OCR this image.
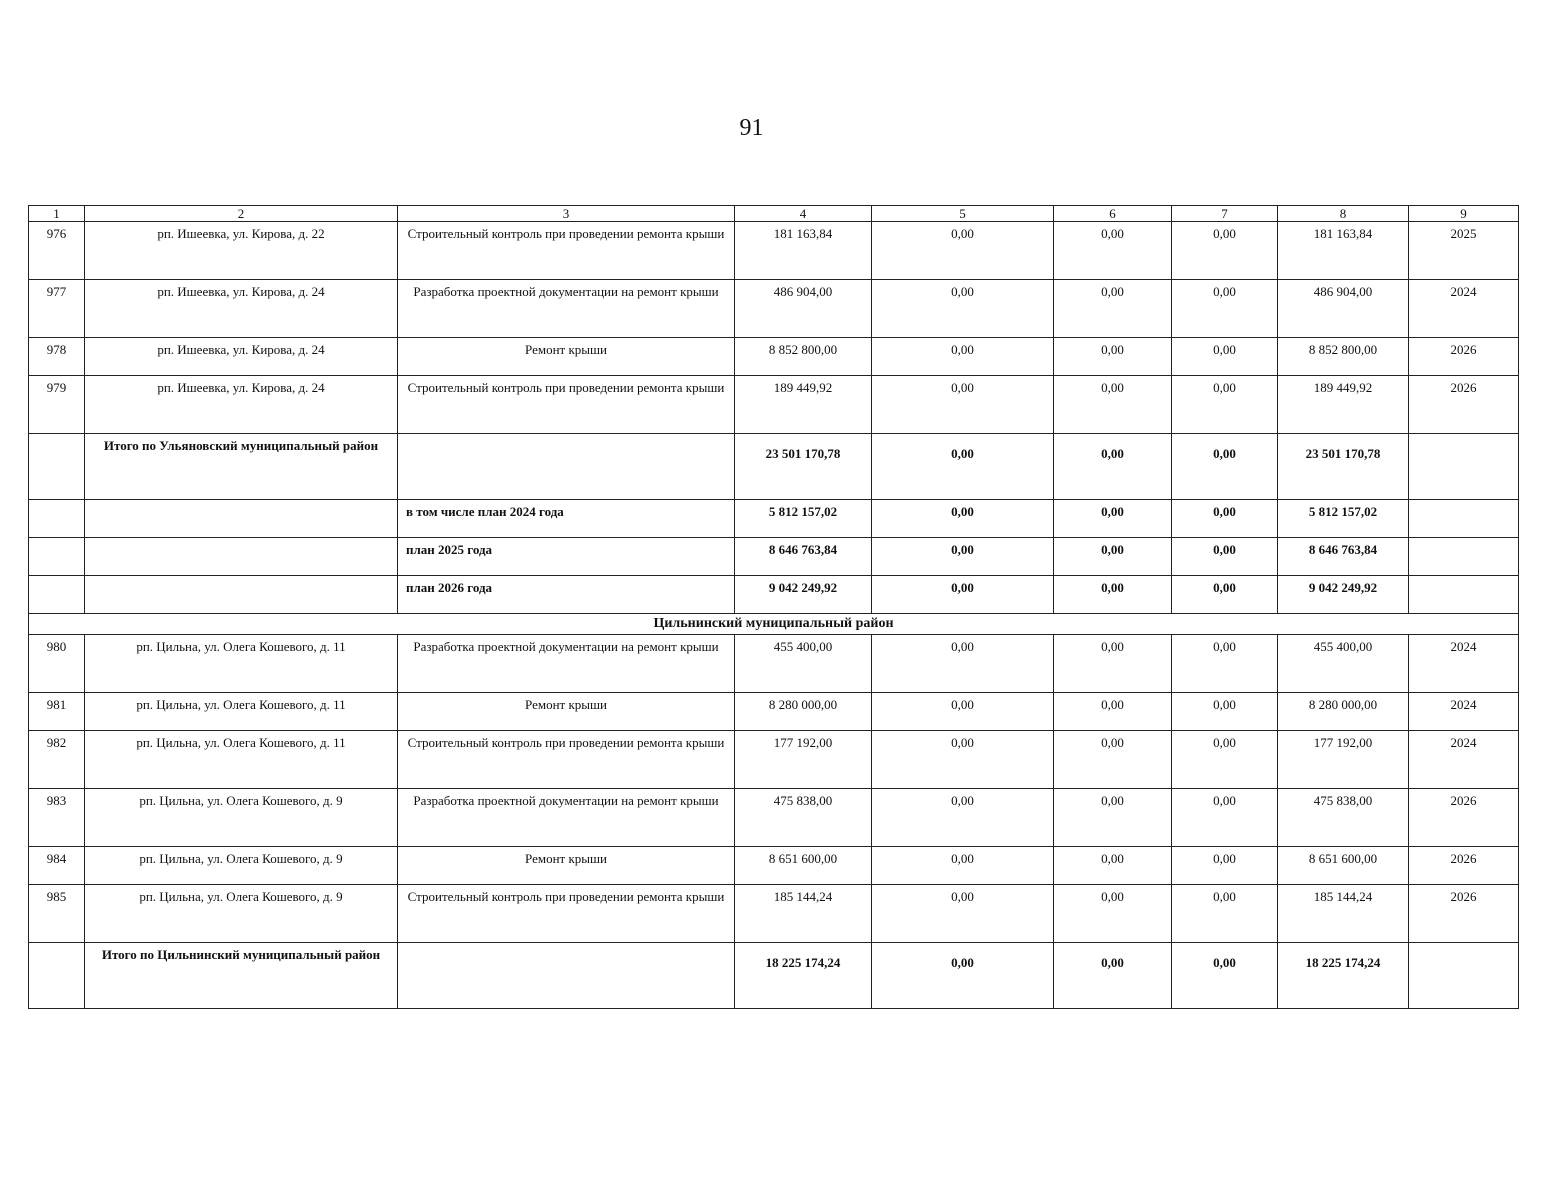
91
1	2	3	4	5	6	7	8	9
976	рп. Ишеевка, ул. Кирова, д. 22	Строительный контроль при проведении ремонта крыши	181 163,84	0,00	0,00	0,00	181 163,84	2025
977	рп. Ишеевка, ул. Кирова, д. 24	Разработка проектной документации на ремонт крыши	486 904,00	0,00	0,00	0,00	486 904,00	2024
978	рп. Ишеевка, ул. Кирова, д. 24	Ремонт крыши	8 852 800,00	0,00	0,00	0,00	8 852 800,00	2026
979	рп. Ишеевка, ул. Кирова, д. 24	Строительный контроль при проведении ремонта крыши	189 449,92	0,00	0,00	0,00	189 449,92	2026
	Итого по Ульяновский муниципальный район		23 501 170,78	0,00	0,00	0,00	23 501 170,78	
		в том числе план 2024 года	5 812 157,02	0,00	0,00	0,00	5 812 157,02	
		план 2025 года	8 646 763,84	0,00	0,00	0,00	8 646 763,84	
		план 2026 года	9 042 249,92	0,00	0,00	0,00	9 042 249,92	
Цильнинский муниципальный район								
980	рп. Цильна, ул. Олега Кошевого, д. 11	Разработка проектной документации на ремонт крыши	455 400,00	0,00	0,00	0,00	455 400,00	2024
981	рп. Цильна, ул. Олега Кошевого, д. 11	Ремонт крыши	8 280 000,00	0,00	0,00	0,00	8 280 000,00	2024
982	рп. Цильна, ул. Олега Кошевого, д. 11	Строительный контроль при проведении ремонта крыши	177 192,00	0,00	0,00	0,00	177 192,00	2024
983	рп. Цильна, ул. Олега Кошевого, д. 9	Разработка проектной документации на ремонт крыши	475 838,00	0,00	0,00	0,00	475 838,00	2026
984	рп. Цильна, ул. Олега Кошевого, д. 9	Ремонт крыши	8 651 600,00	0,00	0,00	0,00	8 651 600,00	2026
985	рп. Цильна, ул. Олега Кошевого, д. 9	Строительный контроль при проведении ремонта крыши	185 144,24	0,00	0,00	0,00	185 144,24	2026
	Итого по Цильнинский муниципальный район		18 225 174,24	0,00	0,00	0,00	18 225 174,24	
